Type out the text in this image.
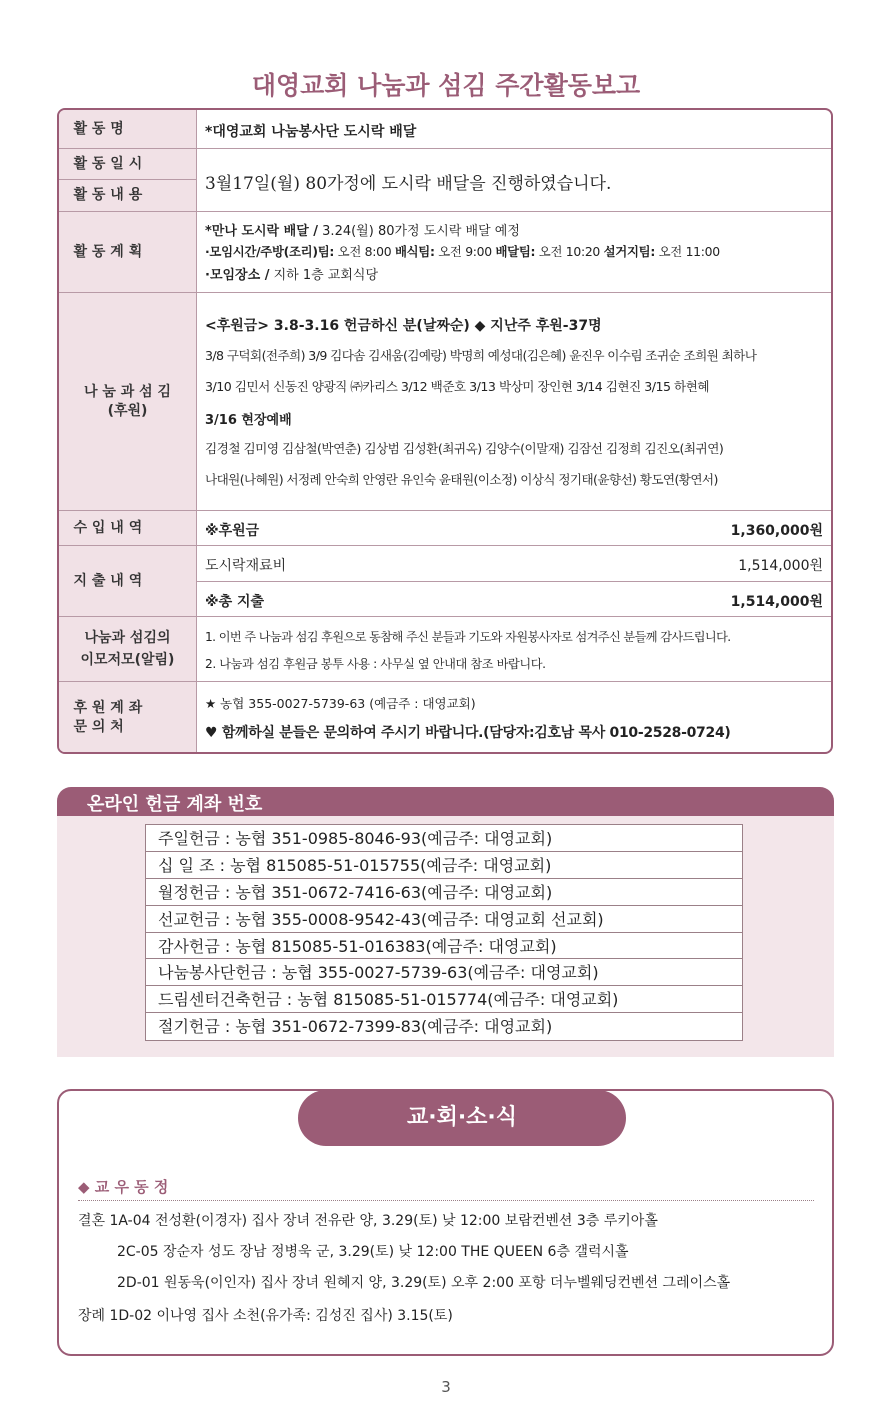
대영교회 나눔과 섬김 주간활동보고
활 동 명	*대영교회 나눔봉사단 도시락 배달
활 동 일 시
활 동 내 용
3월17일(월) 80가정에 도시락 배달을 진행하였습니다.
활 동 계 획
*만나 도시락 배달 / 3.24(월) 80가정 도시락 배달 예정
·모임시간/주방(조리)팀: 오전 8:00 배식팀: 오전 9:00 배달팀: 오전 10:20 설거지팀: 오전 11:00
·모임장소 / 지하 1층 교회식당
나 눔 과 섬 김
(후원)
<후원금> 3.8-3.16 헌금하신 분(날짜순) ◆ 지난주 후원-37명
3/8 구덕회(전주희) 3/9 김다솜 김새움(김예랑) 박명희 예성대(김은혜) 윤진우 이수림 조귀순 조희원 최하나
3/10 김민서 신동진 양광직 ㈜카리스 3/12 백준호 3/13 박상미 장인현 3/14 김현진 3/15 하현혜
3/16 현장예배
김경철 김미영 김삼철(박연춘) 김상범 김성환(최귀옥) 김양수(이말재) 김잠선 김정희 김진오(최귀연)
나대원(나혜원) 서정례 안숙희 안영란 유인숙 윤태원(이소정) 이상식 정기태(윤향선) 황도연(황연서)
수 입 내 역	※후원금	1,360,000원
지 출 내 역
도시락재료비	1,514,000원
※총 지출	1,514,000원
나눔과 섬김의
이모저모(알림)
1. 이번 주 나눔과 섬김 후원으로 동참해 주신 분들과 기도와 자원봉사자로 섬겨주신 분들께 감사드립니다.
2. 나눔과 섬김 후원금 봉투 사용 : 사무실 옆 안내대 참조 바랍니다.
후 원 계 좌
문 의 처
★ 농협 355-0027-5739-63 (예금주 : 대영교회)
♥ 함께하실 분들은 문의하여 주시기 바랍니다.(담당자:김호남 목사 010-2528-0724)
온라인 헌금 계좌 번호
주일헌금 : 농협 351-0985-8046-93(예금주: 대영교회)
십 일 조 : 농협 815085-51-015755(예금주: 대영교회)
월정헌금 : 농협 351-0672-7416-63(예금주: 대영교회)
선교헌금 : 농협 355-0008-9542-43(예금주: 대영교회 선교회)
감사헌금 : 농협 815085-51-016383(예금주: 대영교회)
나눔봉사단헌금 : 농협 355-0027-5739-63(예금주: 대영교회)
드림센터건축헌금 : 농협 815085-51-015774(예금주: 대영교회)
절기헌금 : 농협 351-0672-7399-83(예금주: 대영교회)
교·회·소·식
◆ 교 우 동 정
결혼 1A-04 전성환(이경자) 집사 장녀 전유란 양, 3.29(토) 낮 12:00 보람컨벤션 3층 루키아홀
2C-05 장순자 성도 장남 정병욱 군, 3.29(토) 낮 12:00 THE QUEEN 6층 갤럭시홀
2D-01 원동욱(이인자) 집사 장녀 원혜지 양, 3.29(토) 오후 2:00 포항 더누벨웨딩컨벤션 그레이스홀
장례 1D-02 이나영 집사 소천(유가족: 김성진 집사) 3.15(토)
3
